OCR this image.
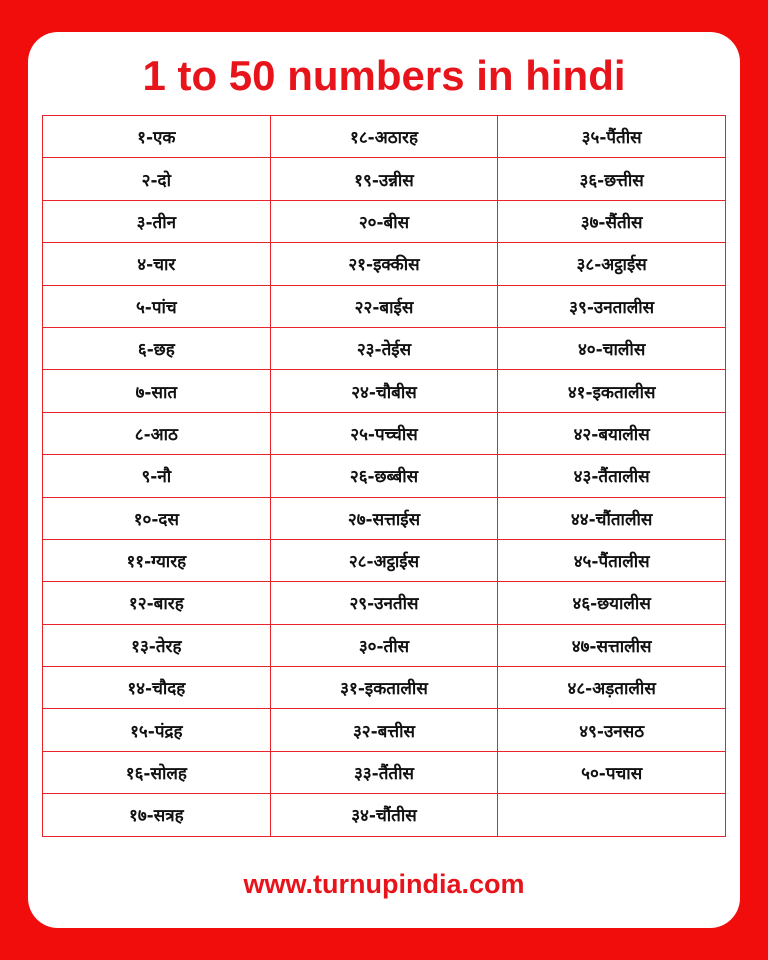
1 to 50 numbers in hindi
१-एक	१८-अठारह	३५-पैंतीस
२-दो	१९-उन्नीस	३६-छत्तीस
३-तीन	२०-बीस	३७-सैंतीस
४-चार	२१-इक्कीस	३८-अट्ठाईस
५-पांच	२२-बाईस	३९-उनतालीस
६-छह	२३-तेईस	४०-चालीस
७-सात	२४-चौबीस	४१-इकतालीस
८-आठ	२५-पच्चीस	४२-बयालीस
९-नौ	२६-छब्बीस	४३-तैंतालीस
१०-दस	२७-सत्ताईस	४४-चौंतालीस
११-ग्यारह	२८-अट्ठाईस	४५-पैंतालीस
१२-बारह	२९-उनतीस	४६-छयालीस
१३-तेरह	३०-तीस	४७-सत्तालीस
१४-चौदह	३१-इकतालीस	४८-अड़तालीस
१५-पंद्रह	३२-बत्तीस	४९-उनसठ
१६-सोलह	३३-तैंतीस	५०-पचास
१७-सत्रह	३४-चौंतीस	
www.turnupindia.com
